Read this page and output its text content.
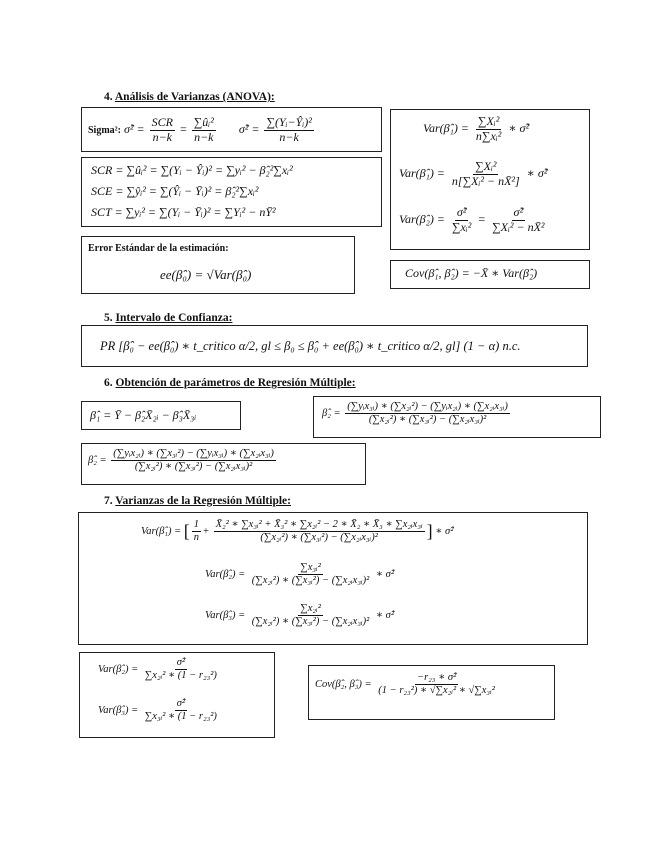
4. Análisis de Varianzas (ANOVA):
Sigma²: σ̂² = $\frac{\text{SCR}}{n-k} = \frac{\text{∑ûᵢ²}}{n-k}$ σ̂² = $\frac{\text{∑(Yᵢ−Ŷᵢ)²}}{n-k}$
SCR = ∑ûᵢ² = ∑(Yᵢ − Ŷᵢ)² = ∑yᵢ² − β̂₂²∑xᵢ²
SCE = ∑ŷᵢ² = ∑(Ŷᵢ − Ȳᵢ)² = β̂₂²∑xᵢ²
SCT = ∑yᵢ² = ∑(Yᵢ − Ȳᵢ)² = ∑Yᵢ² − nȲ²
Error Estándar de la estimación:
ee(β̂₀) = √Var(β̂₀)
Var(β̂₁) = $\frac{\text{∑Xᵢ²}}{\text{n∑xᵢ²}}$ ∗ σ̂²
Var(β̂₁) = $\frac{\text{∑Xᵢ²}}{\text{n[∑Xᵢ² − nX̄²]}}$ ∗ σ̂²
Var(β̂₂) = $\frac{\text{σ̂²}}{\text{∑xᵢ²}} = \frac{\text{σ̂²}}{\text{∑Xᵢ² − nX̄²}}$
Cov(β̂₁, β̂₂) = −X̄ ∗ Var(β̂₂)
5. Intervalo de Confianza:
PR [β̂₀ − ee(β̂₀) ∗ t_critico α/2, gl ≤ β₀ ≤ β̂₀ + ee(β̂₀) ∗ t_critico α/2, gl] (1 − α) n.c.
6. Obtención de parámetros de Regresión Múltiple:
β̂₁ = Ȳ − β̂₂X̄₂ᵢ − β̂₃X̄₃ᵢ	β̂₂ = $\frac{\text{(∑yᵢx₃ᵢ) ∗ (∑x₂ᵢ²) − (∑yᵢx₂ᵢ) ∗ (∑x₂ᵢx₃ᵢ)}}{\text{(∑x₂ᵢ²) ∗ (∑x₃ᵢ²) − (∑x₂ᵢx₃ᵢ)²}}$
β̂₂ = $\frac{\text{(∑yᵢx₂ᵢ) ∗ (∑x₃ᵢ²) − (∑yᵢx₃ᵢ) ∗ (∑x₂ᵢx₃ᵢ)}}{\text{(∑x₂ᵢ²) ∗ (∑x₃ᵢ²) − (∑x₂ᵢx₃ᵢ)²}}$
7. Varianzas de la Regresión Múltiple:
Var(β̂₁) = [ $\frac{1}{n} + \frac{\text{X̄₂² ∗ ∑x₃ᵢ² + X̄₃² ∗ ∑x₂ᵢ² − 2 ∗ X̄₂ ∗ X̄₃ ∗ ∑x₂ᵢx₃ᵢ}}{\text{(∑x₂ᵢ²) ∗ (∑x₃ᵢ²) − (∑x₂ᵢx₃ᵢ)²}}$ ] ∗ σ̂²
Var(β̂₂) = $\frac{\text{∑x₃ᵢ²}}{\text{(∑x₂ᵢ²) ∗ (∑x₃ᵢ²) − (∑x₂ᵢx₃ᵢ)²}}$ ∗ σ̂²
Var(β̂₃) = $\frac{\text{∑x₂ᵢ²}}{\text{(∑x₂ᵢ²) ∗ (∑x₃ᵢ²) − (∑x₂ᵢx₃ᵢ)²}}$ ∗ σ̂²
Var(β̂₂) = $\frac{\text{σ̂²}}{\text{∑x₂ᵢ² ∗ (1 − r₂₃²)}}$
Var(β̂₃) = $\frac{\text{σ̂²}}{\text{∑x₃ᵢ² ∗ (1 − r₂₃²)}}$
Cov(β̂₂, β̂₃) = $\frac{\text{−r₂₃ ∗ σ̂²}}{\text{(1 − r₂₃²) ∗ √∑x₂ᵢ² ∗ √∑x₃ᵢ²}}$
